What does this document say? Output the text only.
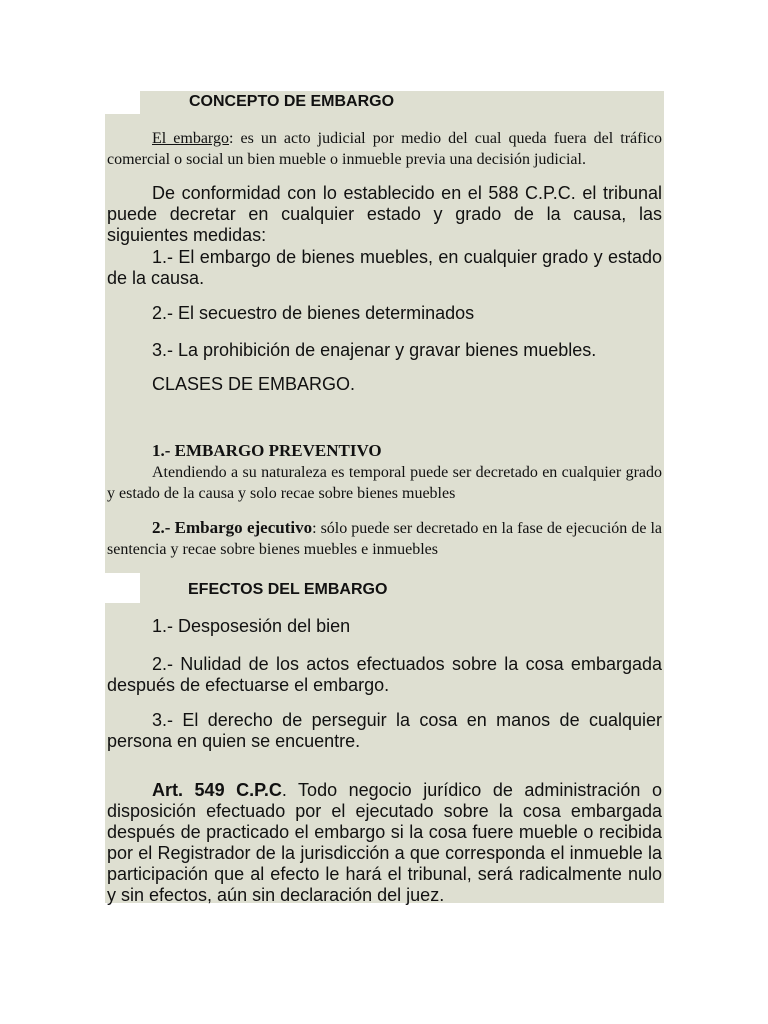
CONCEPTO DE EMBARGO
El embargo: es un acto judicial por medio del cual queda fuera del tráfico comercial o social un bien mueble o inmueble previa una decisión judicial.
De conformidad con lo establecido en el 588 C.P.C. el tribunal puede decretar en cualquier estado y grado de la causa, las siguientes medidas:
1.- El embargo de bienes muebles, en cualquier grado y estado de la causa.
2.- El secuestro de bienes determinados
3.- La prohibición de enajenar y gravar bienes muebles.
CLASES DE EMBARGO.
1.- EMBARGO PREVENTIVO
Atendiendo a su naturaleza es temporal puede ser decretado en cualquier grado y estado de la causa y solo recae sobre bienes muebles
2.- Embargo ejecutivo: sólo puede ser decretado en la fase de ejecución de la sentencia y recae sobre bienes muebles e inmuebles
EFECTOS DEL EMBARGO
1.- Desposesión del bien
2.- Nulidad de los actos efectuados sobre la cosa embargada después de efectuarse el embargo.
3.- El derecho de perseguir la cosa en manos de cualquier persona en quien se encuentre.
Art. 549 C.P.C. Todo negocio jurídico de administración o disposición efectuado por el ejecutado sobre la cosa embargada después de practicado el embargo si la cosa fuere mueble o recibida por el Registrador de la jurisdicción a que corresponda el inmueble la participación que al efecto le hará el tribunal, será radicalmente nulo y sin efectos, aún sin declaración del juez.
